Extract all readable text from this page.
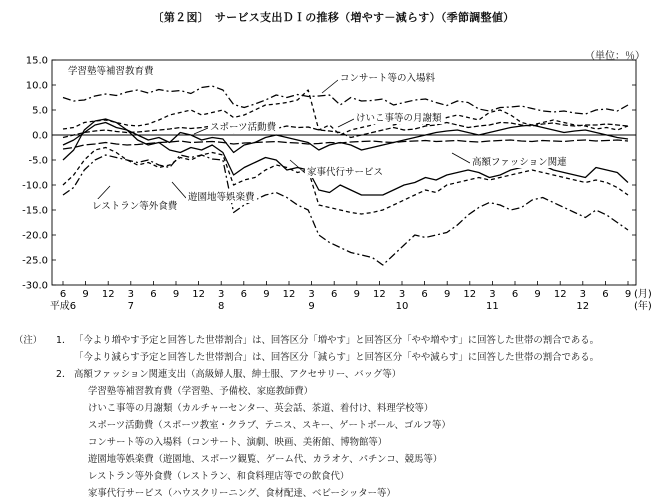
〔第２図〕　サービス支出ＤＩの推移（増やす－減らす）（季節調整値）
（単位：％）
15.0
10.0
5.0
0.0
-5.0
-10.0
-15.0
-20.0
-25.0
-30.0
6 9 12 3 6 9 12 3 6 9 12 3 6 9 12 3 6 9 12 3 6 9 12 3 6 9
平成6	7	8	9	10	11	12
(月)
(年)
学習塾等補習教育費
コンサート等の入場料
けいこ事等の月謝類
スポーツ活動費
家事代行サービス
高額ファッション関連
遊園地等娯楽費
レストラン等外食費
（注）	1． 「今より増やす予定と回答した世帯割合」は、回答区分「増やす」と回答区分「やや増やす」に回答した世帯の割合である。
「今より減らす予定と回答した世帯割合」は、回答区分「減らす」と回答区分「やや減らす」に回答した世帯の割合である。
2． 高額ファッション関連支出（高級婦人服、紳士服、アクセサリー、バッグ等）
学習塾等補習教育費（学習塾、予備校、家庭教師費）
けいこ事等の月謝類（カルチャーセンター、英会話、茶道、着付け、料理学校等）
スポーツ活動費（スポーツ教室・クラブ、テニス、スキー、ゲートボール、ゴルフ等）
コンサート等の入場料（コンサート、演劇、映画、美術館、博物館等）
遊園地等娯楽費（遊園地、スポーツ観覧、ゲーム代、カラオケ、パチンコ、競馬等）
レストラン等外食費（レストラン、和食料理店等での飲食代）
家事代行サービス（ハウスクリーニング、食材配達、ベビーシッター等）
